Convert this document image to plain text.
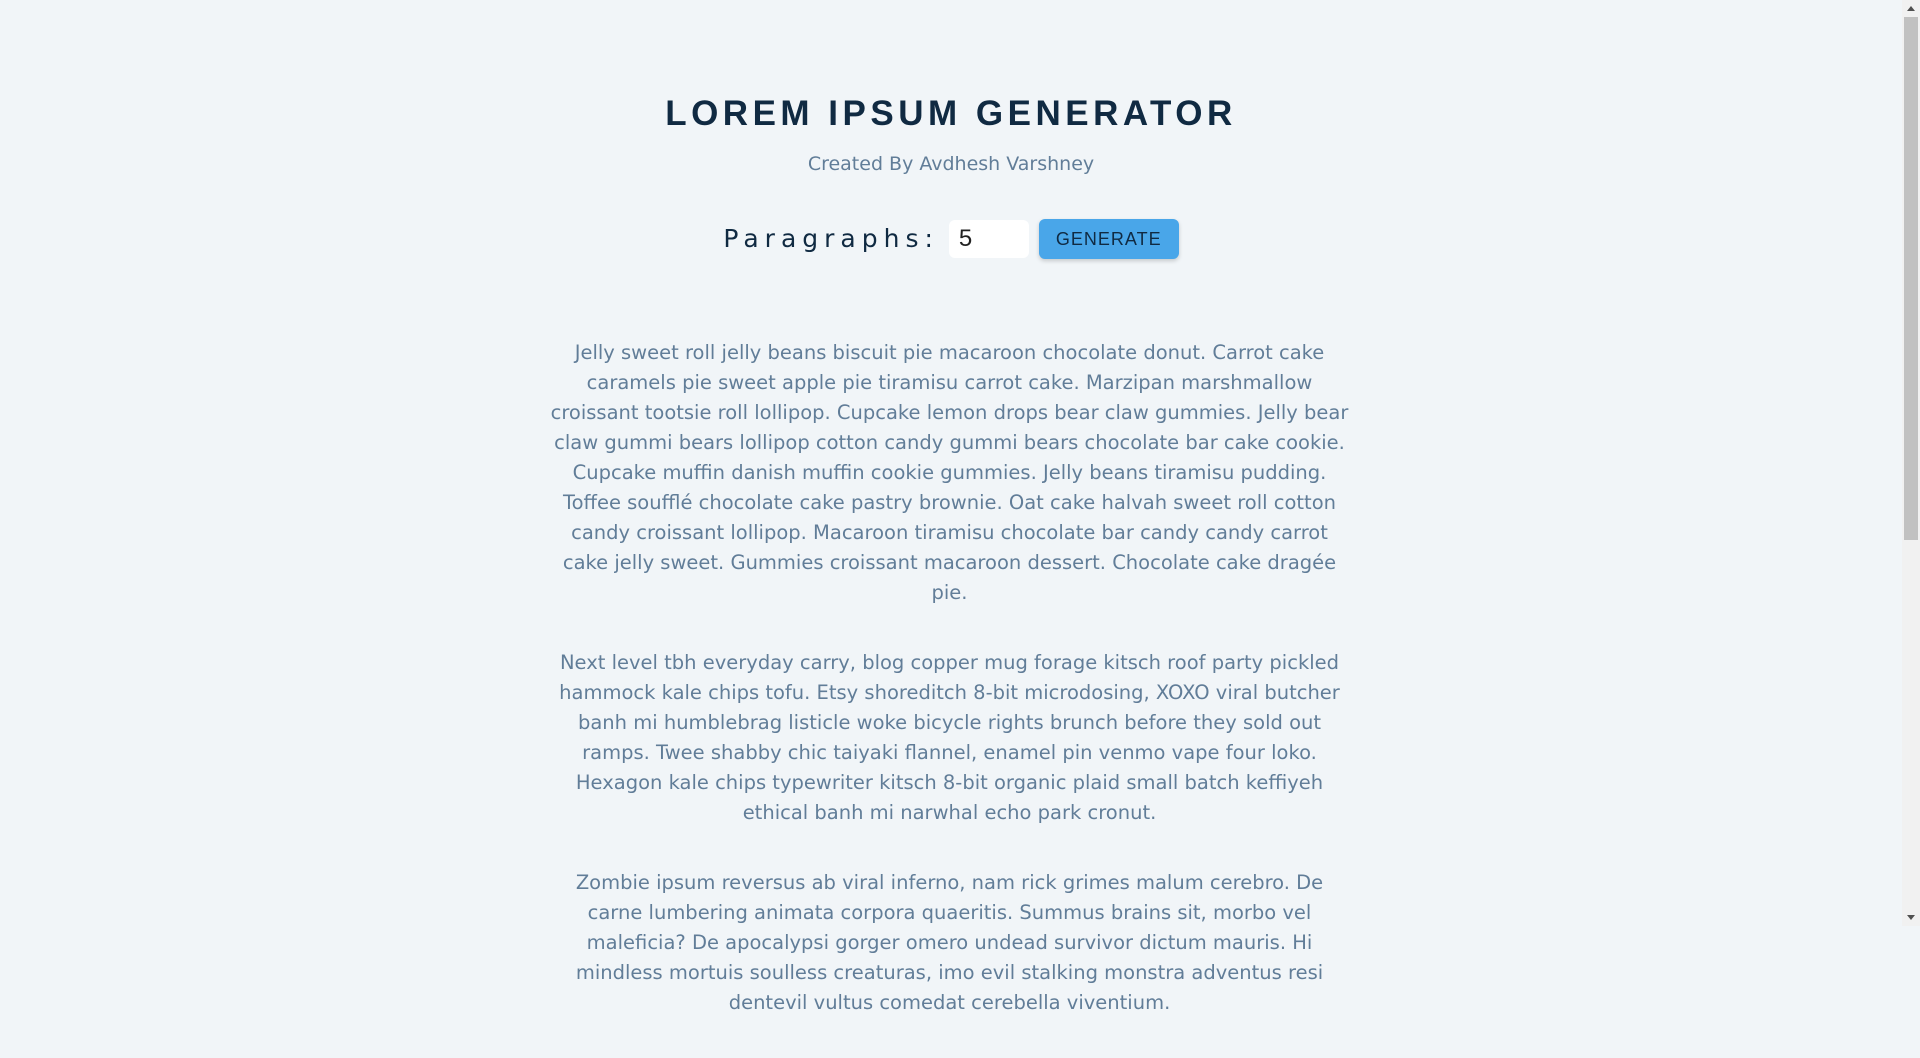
LOREM IPSUM GENERATOR
Created By Avdhesh Varshney
Paragraphs:
5	GENERATE

Jelly sweet roll jelly beans biscuit pie macaroon chocolate donut. Carrot cake caramels pie sweet apple pie tiramisu carrot cake. Marzipan marshmallow croissant tootsie roll lollipop. Cupcake lemon drops bear claw gummies. Jelly bear claw gummi bears lollipop cotton candy gummi bears chocolate bar cake cookie. Cupcake muffin danish muffin cookie gummies. Jelly beans tiramisu pudding. Toffee soufflé chocolate cake pastry brownie. Oat cake halvah sweet roll cotton candy croissant lollipop. Macaroon tiramisu chocolate bar candy candy carrot cake jelly sweet. Gummies croissant macaroon dessert. Chocolate cake dragée pie.

Next level tbh everyday carry, blog copper mug forage kitsch roof party pickled hammock kale chips tofu. Etsy shoreditch 8-bit microdosing, XOXO viral butcher banh mi humblebrag listicle woke bicycle rights brunch before they sold out ramps. Twee shabby chic taiyaki flannel, enamel pin venmo vape four loko. Hexagon kale chips typewriter kitsch 8-bit organic plaid small batch keffiyeh ethical banh mi narwhal echo park cronut.

Zombie ipsum reversus ab viral inferno, nam rick grimes malum cerebro. De carne lumbering animata corpora quaeritis. Summus brains sit, morbo vel maleficia? De apocalypsi gorger omero undead survivor dictum mauris. Hi mindless mortuis soulless creaturas, imo evil stalking monstra adventus resi dentevil vultus comedat cerebella viventium.
